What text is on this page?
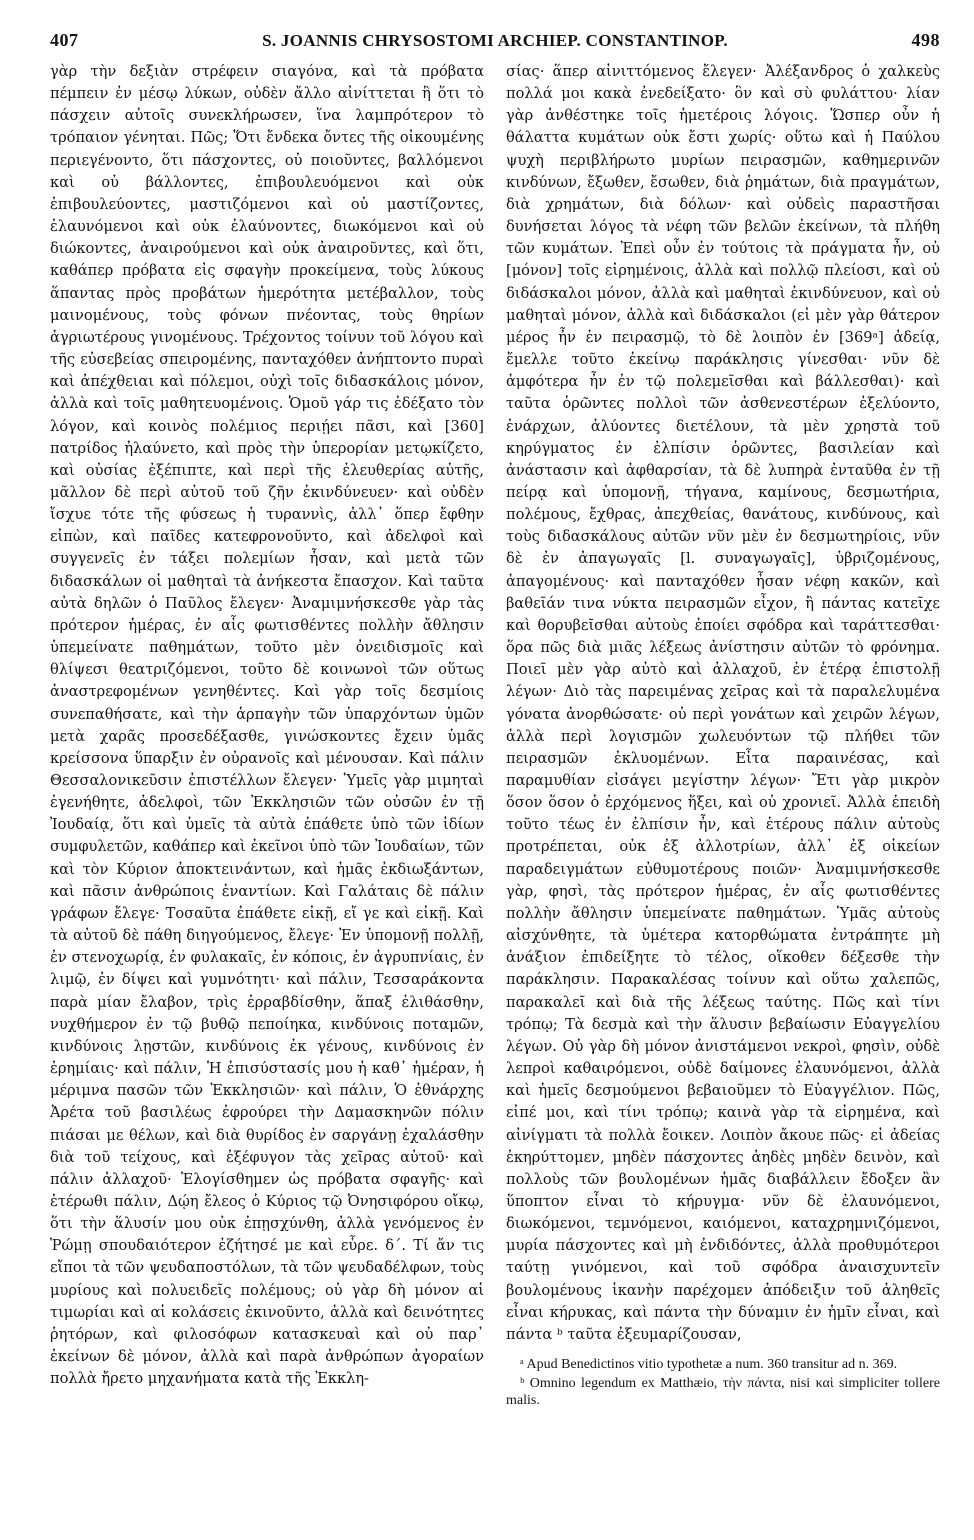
407	S. JOANNIS CHRYSOSTOMI ARCHIEP. CONSTANTINOP.	498

γὰρ τὴν δεξιὰν στρέφειν σιαγόνα, καὶ τὰ πρόβατα πέμπειν ἐν μέσῳ λύκων, οὐδὲν ἄλλο αἰνίττεται ἢ ὅτι τὸ πάσχειν αὐτοῖς συνεκλήρωσεν, ἵνα λαμπρότερον τὸ τρόπαιον γένηται. Πῶς; Ὅτι ἔνδεκα ὄντες τῆς οἰκουμένης περιεγένοντο, ὅτι πάσχοντες, οὐ ποιοῦντες, βαλλόμενοι καὶ οὐ βάλλοντες, ἐπιβουλευόμενοι καὶ οὐκ ἐπιβουλεύοντες, μαστιζόμενοι καὶ οὐ μαστίζοντες, ἐλαυνόμενοι καὶ οὐκ ἐλαύνοντες, διωκόμενοι καὶ οὐ διώκοντες, ἀναιρούμενοι καὶ οὐκ ἀναιροῦντες, καὶ ὅτι, καθάπερ πρόβατα εἰς σφαγὴν προκείμενα, τοὺς λύκους ἅπαντας πρὸς προβάτων ἡμερότητα μετέβαλλον, τοὺς μαινομένους, τοὺς φόνων πνέοντας, τοὺς θηρίων ἀγριωτέρους γινομένους. Τρέχοντος τοίνυν τοῦ λόγου καὶ τῆς εὐσεβείας σπειρομένης, πανταχόθεν ἀνήπτοντο πυραὶ καὶ ἀπέχθειαι καὶ πόλεμοι, οὐχὶ τοῖς διδασκάλοις μόνον, ἀλλὰ καὶ τοῖς μαθητευομένοις. Ὁμοῦ γάρ τις ἐδέξατο τὸν λόγον, καὶ κοινὸς πολέμιος περιῄει πᾶσι, καὶ [360] πατρίδος ἠλαύνετο, καὶ πρὸς τὴν ὑπερορίαν μετῳκίζετο, καὶ οὐσίας ἐξέπιπτε, καὶ περὶ τῆς ἐλευθερίας αὐτῆς, μᾶλλον δὲ περὶ αὐτοῦ τοῦ ζῆν ἐκινδύνευεν· καὶ οὐδὲν ἴσχυε τότε τῆς φύσεως ἡ τυραννὶς, ἀλλ᾽ ὅπερ ἔφθην εἰπὼν, καὶ παῖδες κατεφρονοῦντο, καὶ ἀδελφοὶ καὶ συγγενεῖς ἐν τάξει πολεμίων ἦσαν, καὶ μετὰ τῶν διδασκάλων οἱ μαθηταὶ τὰ ἀνήκεστα ἔπασχον. Καὶ ταῦτα αὐτὰ δηλῶν ὁ Παῦλος ἔλεγεν· Ἀναμιμνήσκεσθε γὰρ τὰς πρότερον ἡμέρας, ἐν αἷς φωτισθέντες πολλὴν ἄθλησιν ὑπεμείνατε παθημάτων, τοῦτο μὲν ὀνειδισμοῖς καὶ θλίψεσι θεατριζόμενοι, τοῦτο δὲ κοινωνοὶ τῶν οὕτως ἀναστρεφομένων γενηθέντες. Καὶ γὰρ τοῖς δεσμίοις συνεπαθήσατε, καὶ τὴν ἁρπαγὴν τῶν ὑπαρχόντων ὑμῶν μετὰ χαρᾶς προσεδέξασθε, γινώσκοντες ἔχειν ὑμᾶς κρείσσονα ὕπαρξιν ἐν οὐρανοῖς καὶ μένουσαν. Καὶ πάλιν Θεσσαλονικεῦσιν ἐπιστέλλων ἔλεγεν· Ὑμεῖς γὰρ μιμηταὶ ἐγενήθητε, ἀδελφοὶ, τῶν Ἐκκλησιῶν τῶν οὐσῶν ἐν τῇ Ἰουδαίᾳ, ὅτι καὶ ὑμεῖς τὰ αὐτὰ ἐπάθετε ὑπὸ τῶν ἰδίων συμφυλετῶν, καθάπερ καὶ ἐκεῖνοι ὑπὸ τῶν Ἰουδαίων, τῶν καὶ τὸν Κύριον ἀποκτεινάντων, καὶ ἡμᾶς ἐκδιωξάντων, καὶ πᾶσιν ἀνθρώποις ἐναντίων. Καὶ Γαλάταις δὲ πάλιν γράφων ἔλεγε· Τοσαῦτα ἐπάθετε εἰκῇ, εἴ γε καὶ εἰκῇ. Καὶ τὰ αὐτοῦ δὲ πάθη διηγούμενος, ἔλεγε· Ἐν ὑπομονῇ πολλῇ, ἐν στενοχωρίᾳ, ἐν φυλακαῖς, ἐν κόποις, ἐν ἀγρυπνίαις, ἐν λιμῷ, ἐν δίψει καὶ γυμνότητι· καὶ πάλιν, Τεσσαράκοντα παρὰ μίαν ἔλαβον, τρὶς ἐρραβδίσθην, ἅπαξ ἐλιθάσθην, νυχθήμερον ἐν τῷ βυθῷ πεποίηκα, κινδύνοις ποταμῶν, κινδύνοις λῃστῶν, κινδύνοις ἐκ γένους, κινδύνοις ἐν ἐρημίαις· καὶ πάλιν, Ἡ ἐπισύστασίς μου ἡ καθ᾽ ἡμέραν, ἡ μέριμνα πασῶν τῶν Ἐκκλησιῶν· καὶ πάλιν, Ὁ ἐθνάρχης Ἀρέτα τοῦ βασιλέως ἐφρούρει τὴν Δαμασκηνῶν πόλιν πιάσαι με θέλων, καὶ διὰ θυρίδος ἐν σαργάνῃ ἐχαλάσθην διὰ τοῦ τείχους, καὶ ἐξέφυγον τὰς χεῖρας αὐτοῦ· καὶ πάλιν ἀλλαχοῦ· Ἐλογίσθημεν ὡς πρόβατα σφαγῆς· καὶ ἑτέρωθι πάλιν, Δῴη ἔλεος ὁ Κύριος τῷ Ὀνησιφόρου οἴκῳ, ὅτι τὴν ἅλυσίν μου οὐκ ἐπῃσχύνθη, ἀλλὰ γενόμενος ἐν Ῥώμῃ σπουδαιότερον ἐζήτησέ με καὶ εὗρε. δ´. Τί ἄν τις εἴποι τὰ τῶν ψευδαποστόλων, τὰ τῶν ψευδαδέλφων, τοὺς μυρίους καὶ πολυειδεῖς πολέμους; οὐ γὰρ δὴ μόνον αἱ τιμωρίαι καὶ αἱ κολάσεις ἐκινοῦντο, ἀλλὰ καὶ δεινότητες ῥητόρων, καὶ φιλοσόφων κατασκευαὶ καὶ οὐ παρ᾽ ἐκείνων δὲ μόνον, ἀλλὰ καὶ παρὰ ἀνθρώπων ἀγοραίων πολλὰ ἤρετο μηχανήματα κατὰ τῆς Ἐκκλη-

σίας· ἅπερ αἰνιττόμενος ἔλεγεν· Ἀλέξανδρος ὁ χαλκεὺς πολλά μοι κακὰ ἐνεδείξατο· ὃν καὶ σὺ φυλάττου· λίαν γὰρ ἀνθέστηκε τοῖς ἡμετέροις λόγοις. Ὥσπερ οὖν ἡ θάλαττα κυμάτων οὐκ ἔστι χωρίς· οὕτω καὶ ἡ Παύλου ψυχὴ περιβλήρωτο μυρίων πειρασμῶν, καθημερινῶν κινδύνων, ἔξωθεν, ἔσωθεν, διὰ ῥημάτων, διὰ πραγμάτων, διὰ χρημάτων, διὰ δόλων· καὶ οὐδεὶς παραστῆσαι δυνήσεται λόγος τὰ νέφη τῶν βελῶν ἐκείνων, τὰ πλήθη τῶν κυμάτων. Ἐπεὶ οὖν ἐν τούτοις τὰ πράγματα ἦν, οὐ [μόνον] τοῖς εἰρημένοις, ἀλλὰ καὶ πολλῷ πλείοσι, καὶ οὐ διδάσκαλοι μόνον, ἀλλὰ καὶ μαθηταὶ ἐκινδύνευον, καὶ οὐ μαθηταὶ μόνον, ἀλλὰ καὶ διδάσκαλοι (εἰ μὲν γὰρ θάτερον μέρος ἦν ἐν πειρασμῷ, τὸ δὲ λοιπὸν ἐν [369ᵃ] ἀδείᾳ, ἔμελλε τοῦτο ἐκείνῳ παράκλησις γίνεσθαι· νῦν δὲ ἀμφότερα ἦν ἐν τῷ πολεμεῖσθαι καὶ βάλλεσθαι)· καὶ ταῦτα ὁρῶντες πολλοὶ τῶν ἀσθενεστέρων ἐξελύοντο, ἐνάρχων, ἀλύοντες διετέλουν, τὰ μὲν χρηστὰ τοῦ κηρύγματος ἐν ἐλπίσιν ὁρῶντες, βασιλείαν καὶ ἀνάστασιν καὶ ἀφθαρσίαν, τὰ δὲ λυπηρὰ ἐνταῦθα ἐν τῇ πείρᾳ καὶ ὑπομονῇ, τήγανα, καμίνους, δεσμωτήρια, πολέμους, ἔχθρας, ἀπεχθείας, θανάτους, κινδύνους, καὶ τοὺς διδασκάλους αὐτῶν νῦν μὲν ἐν δεσμωτηρίοις, νῦν δὲ ἐν ἀπαγωγαῖς [l. συναγωγαῖς], ὑβριζομένους, ἀπαγομένους· καὶ πανταχόθεν ἦσαν νέφη κακῶν, καὶ βαθεῖάν τινα νύκτα πειρασμῶν εἶχον, ἢ πάντας κατεῖχε καὶ θορυβεῖσθαι αὐτοὺς ἐποίει σφόδρα καὶ ταράττεσθαι· ὅρα πῶς διὰ μιᾶς λέξεως ἀνίστησιν αὐτῶν τὸ φρόνημα. Ποιεῖ μὲν γὰρ αὐτὸ καὶ ἀλλαχοῦ, ἐν ἑτέρᾳ ἐπιστολῇ λέγων· Διὸ τὰς παρειμένας χεῖρας καὶ τὰ παραλελυμένα γόνατα ἀνορθώσατε· οὐ περὶ γονάτων καὶ χειρῶν λέγων, ἀλλὰ περὶ λογισμῶν χωλευόντων τῷ πλήθει τῶν πειρασμῶν ἐκλυομένων. Εἶτα παραινέσας, καὶ παραμυθίαν εἰσάγει μεγίστην λέγων· Ἔτι γὰρ μικρὸν ὅσον ὅσον ὁ ἐρχόμενος ἥξει, καὶ οὐ χρονιεῖ. Ἀλλὰ ἐπειδὴ τοῦτο τέως ἐν ἐλπίσιν ἦν, καὶ ἑτέρους πάλιν αὐτοὺς προτρέπεται, οὐκ ἐξ ἀλλοτρίων, ἀλλ᾽ ἐξ οἰκείων παραδειγμάτων εὐθυμοτέρους ποιῶν· Ἀναμιμνήσκεσθε γὰρ, φησὶ, τὰς πρότερον ἡμέρας, ἐν αἷς φωτισθέντες πολλὴν ἄθλησιν ὑπεμείνατε παθημάτων. Ὑμᾶς αὐτοὺς αἰσχύνθητε, τὰ ὑμέτερα κατορθώματα ἐντράπητε μὴ ἀνάξιον ἐπιδείξητε τὸ τέλος, οἵκοθεν δέξεσθε τὴν παράκλησιν. Παρακαλέσας τοίνυν καὶ οὕτω χαλεπῶς, παρακαλεῖ καὶ διὰ τῆς λέξεως ταύτης. Πῶς καὶ τίνι τρόπῳ; Τὰ δεσμὰ καὶ τὴν ἅλυσιν βεβαίωσιν Εὐαγγελίου λέγων. Οὐ γὰρ δὴ μόνον ἀνιστάμενοι νεκροὶ, φησὶν, οὐδὲ λεπροὶ καθαιρόμενοι, οὐδὲ δαίμονες ἐλαυνόμενοι, ἀλλὰ καὶ ἡμεῖς δεσμούμενοι βεβαιοῦμεν τὸ Εὐαγγέλιον. Πῶς, εἰπέ μοι, καὶ τίνι τρόπῳ; καινὰ γὰρ τὰ εἰρημένα, καὶ αἰνίγματι τὰ πολλὰ ἔοικεν. Λοιπὸν ἄκουε πῶς· εἰ ἀδείας ἐκηρύττομεν, μηδὲν πάσχοντες ἀηδὲς μηδὲν δεινὸν, καὶ πολλοὺς τῶν βουλομένων ἡμᾶς διαβάλλειν ἔδοξεν ἂν ὕποπτον εἶναι τὸ κήρυγμα· νῦν δὲ ἐλαυνόμενοι, διωκόμενοι, τεμνόμενοι, καιόμενοι, καταχρημνιζόμενοι, μυρία πάσχοντες καὶ μὴ ἐνδιδόντες, ἀλλὰ προθυμότεροι ταύτῃ γινόμενοι, καὶ τοῦ σφόδρα ἀναισχυντεῖν βουλομένους ἱκανὴν παρέχομεν ἀπόδειξιν τοῦ ἀληθεῖς εἶναι κήρυκας, καὶ πάντα τὴν δύναμιν ἐν ἡμῖν εἶναι, καὶ πάντα ᵇ ταῦτα ἐξευμαρίζουσαν,

ᵃ Apud Benedictinos vitio typothetæ a num. 360 transitur ad n. 369.

ᵇ Omnino legendum ex Matthæio, τὴν πάντα, nisi καὶ simpliciter tollere malis.
